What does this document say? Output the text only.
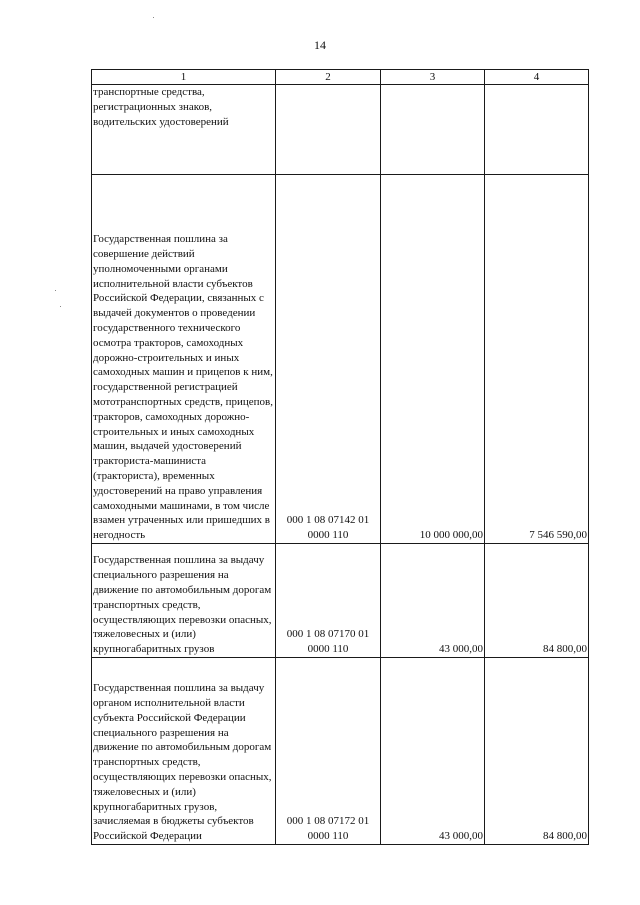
14
1	2	3	4
транспортные средства, регистрационных знаков, водительских удостоверений			
Государственная пошлина за совершение действий уполномоченными органами исполнительной власти субъектов Российской Федерации, связанных с выдачей документов о проведении государственного технического осмотра тракторов, самоходных дорожно-строительных и иных самоходных машин и прицепов к ним, государственной регистрацией мототранспортных средств, прицепов, тракторов, самоходных дорожно-строительных и иных самоходных машин, выдачей удостоверений тракториста-машиниста (тракториста), временных удостоверений на право управления самоходными машинами, в том числе взамен утраченных или пришедших в негодность	000 1 08 07142 01 0000 110	10 000 000,00	7 546 590,00
Государственная пошлина за выдачу специального разрешения на движение по автомобильным дорогам транспортных средств, осуществляющих перевозки опасных, тяжеловесных и (или) крупногабаритных грузов	000 1 08 07170 01 0000 110	43 000,00	84 800,00
Государственная пошлина за выдачу органом исполнительной власти субъекта Российской Федерации специального разрешения на движение по автомобильным дорогам транспортных средств, осуществляющих перевозки опасных, тяжеловесных и (или) крупногабаритных грузов, зачисляемая в бюджеты субъектов Российской Федерации	000 1 08 07172 01 0000 110	43 000,00	84 800,00
